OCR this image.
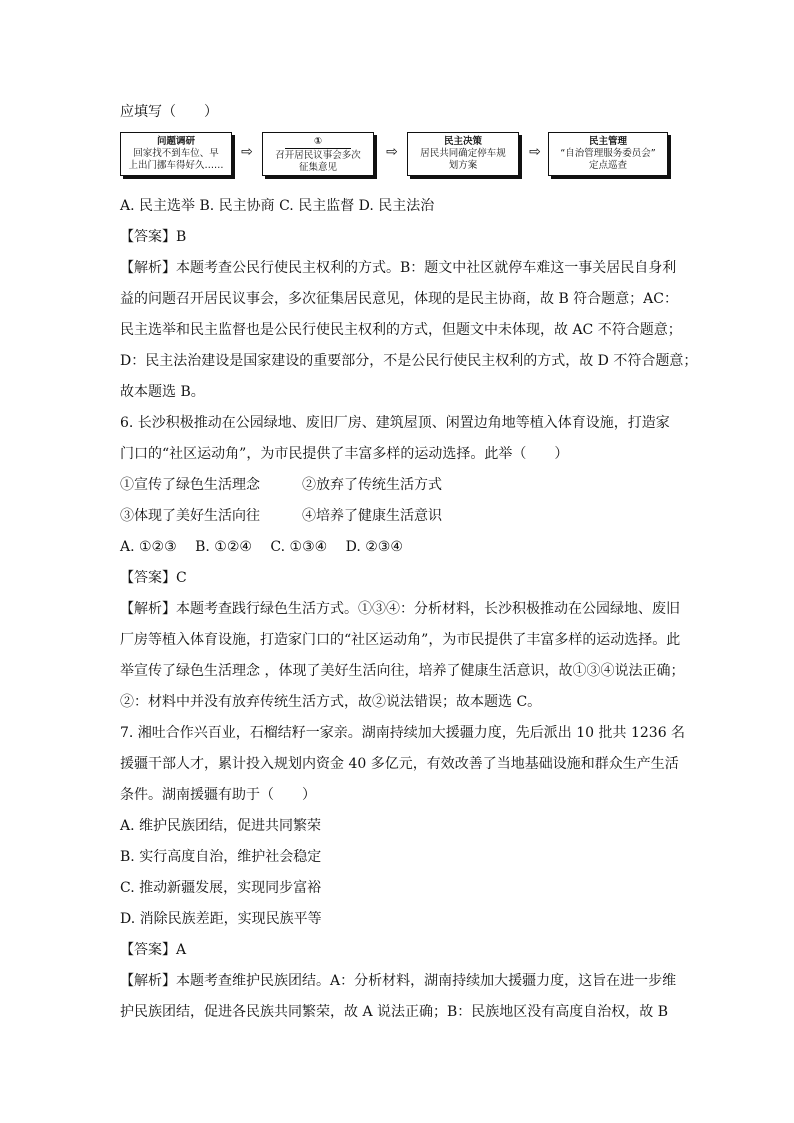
应填写（　　）
问题调研
回家找不到车位、早
上出门挪车得好久……
⇨
①
召开居民议事会多次
征集意见
⇨
民主决策
居民共同确定停车规
划方案
⇨
民主管理
“自治管理服务委员会”
定点巡查
A. 民主选举 B. 民主协商 C. 民主监督 D. 民主法治
【答案】B
【解析】本题考查公民行使民主权利的方式。B：题文中社区就停车难这一事关居民自身利
益的问题召开居民议事会，多次征集居民意见，体现的是民主协商，故 B 符合题意；AC：
民主选举和民主监督也是公民行使民主权利的方式，但题文中未体现，故 AC 不符合题意；
D：民主法治建设是国家建设的重要部分，不是公民行使民主权利的方式，故 D 不符合题意；
故本题选 B。
6. 长沙积极推动在公园绿地、废旧厂房、建筑屋顶、闲置边角地等植入体育设施，打造家
门口的“社区运动角”，为市民提供了丰富多样的运动选择。此举（　　）
①宣传了绿色生活理念　　　②放弃了传统生活方式
③体现了美好生活向往　　　④培养了健康生活意识
A. ①②③　 B. ①②④　 C. ①③④　 D. ②③④
【答案】C
【解析】本题考查践行绿色生活方式。①③④：分析材料，长沙积极推动在公园绿地、废旧
厂房等植入体育设施，打造家门口的“社区运动角”，为市民提供了丰富多样的运动选择。此
举宣传了绿色生活理念 ，体现了美好生活向往，培养了健康生活意识，故①③④说法正确；
②：材料中并没有放弃传统生活方式，故②说法错误；故本题选 C。
7. 湘吐合作兴百业，石榴结籽一家亲。湖南持续加大援疆力度，先后派出 10 批共 1236 名
援疆干部人才，累计投入规划内资金 40 多亿元，有效改善了当地基础设施和群众生产生活
条件。湖南援疆有助于（　　）
A. 维护民族团结，促进共同繁荣
B. 实行高度自治，维护社会稳定
C. 推动新疆发展，实现同步富裕
D. 消除民族差距，实现民族平等
【答案】A
【解析】本题考查维护民族团结。A：分析材料，湖南持续加大援疆力度，这旨在进一步维
护民族团结，促进各民族共同繁荣，故 A 说法正确；B：民族地区没有高度自治权，故 B
